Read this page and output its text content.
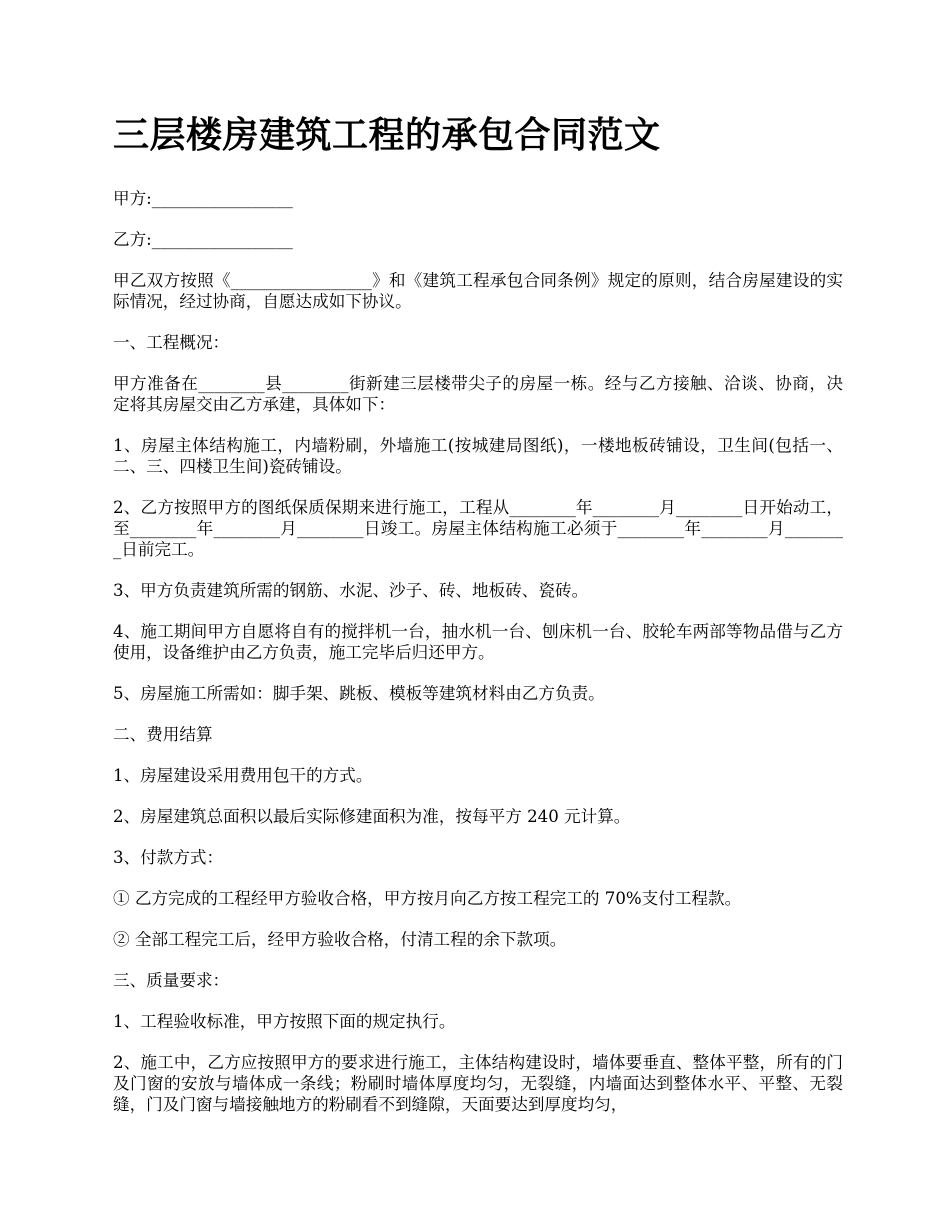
三层楼房建筑工程的承包合同范文

甲方:_________________

乙方:_________________

甲乙双方按照《_________________》和《建筑工程承包合同条例》规定的原则，结合房屋建设的实际情况，经过协商，自愿达成如下协议。

一、工程概况：

甲方准备在________县________街新建三层楼带尖子的房屋一栋。经与乙方接触、洽谈、协商，决定将其房屋交由乙方承建，具体如下：

1、房屋主体结构施工，内墙粉刷，外墙施工(按城建局图纸)，一楼地板砖铺设，卫生间(包括一、二、三、四楼卫生间)瓷砖铺设。

2、乙方按照甲方的图纸保质保期来进行施工，工程从________年________月________日开始动工，至________年________月________日竣工。房屋主体结构施工必须于________年________月________日前完工。

3、甲方负责建筑所需的钢筋、水泥、沙子、砖、地板砖、瓷砖。

4、施工期间甲方自愿将自有的搅拌机一台，抽水机一台、刨床机一台、胶轮车两部等物品借与乙方使用，设备维护由乙方负责，施工完毕后归还甲方。

5、房屋施工所需如：脚手架、跳板、模板等建筑材料由乙方负责。

二、费用结算

1、房屋建设采用费用包干的方式。

2、房屋建筑总面积以最后实际修建面积为准，按每平方 240 元计算。

3、付款方式：

① 乙方完成的工程经甲方验收合格，甲方按月向乙方按工程完工的 70%支付工程款。

② 全部工程完工后，经甲方验收合格，付清工程的余下款项。

三、质量要求：

1、工程验收标准，甲方按照下面的规定执行。

2、施工中，乙方应按照甲方的要求进行施工，主体结构建设时，墙体要垂直、整体平整，所有的门及门窗的安放与墙体成一条线；粉刷时墙体厚度均匀，无裂缝，内墙面达到整体水平、平整、无裂缝，门及门窗与墙接触地方的粉刷看不到缝隙，天面要达到厚度均匀，
